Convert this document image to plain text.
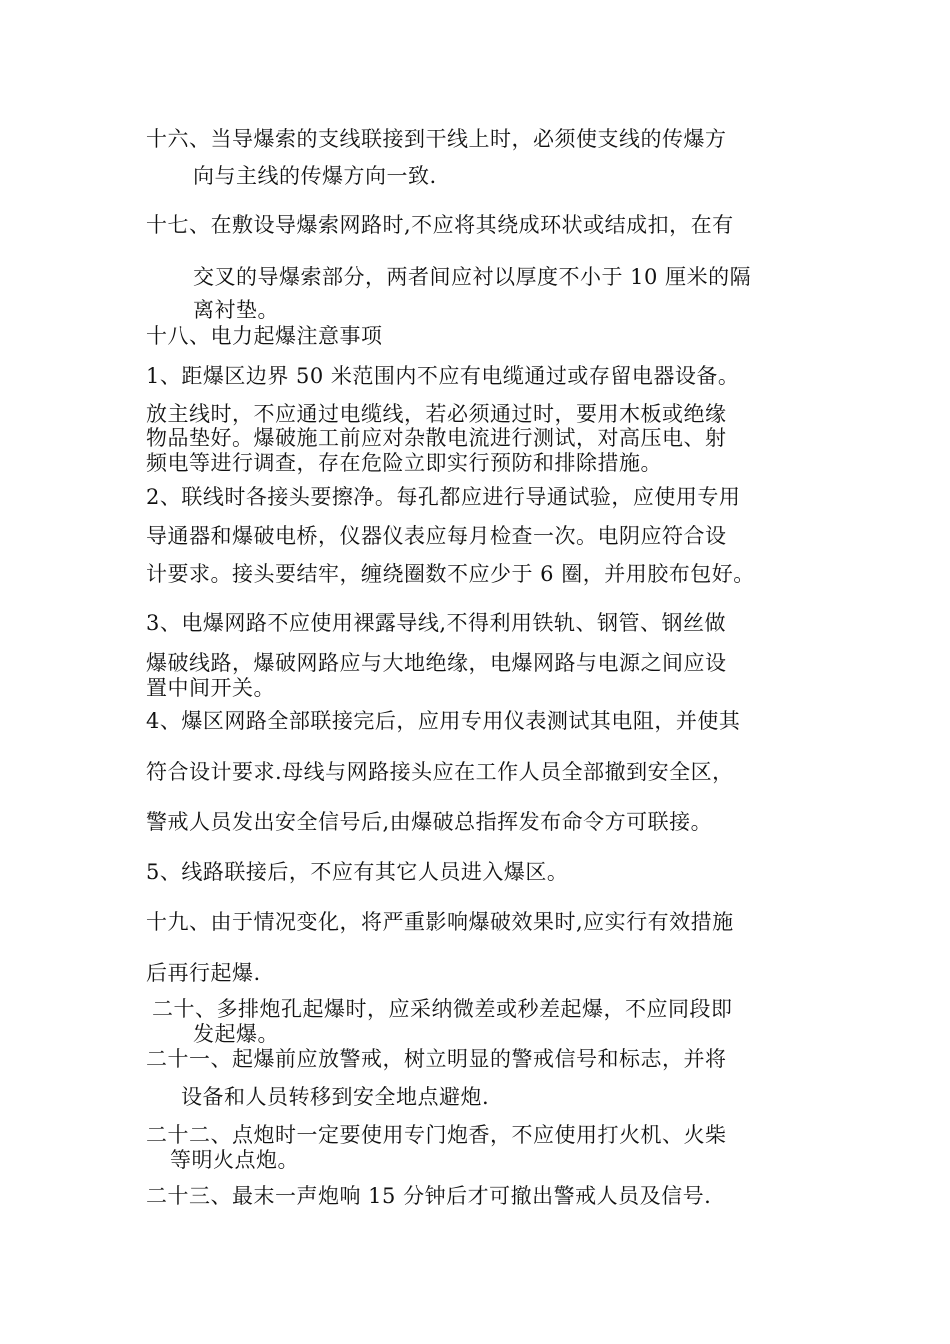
十六、当导爆索的支线联接到干线上时，必须使支线的传爆方
向与主线的传爆方向一致.
十七、在敷设导爆索网路时,不应将其绕成环状或结成扣，在有
交叉的导爆索部分，两者间应衬以厚度不小于 10 厘米的隔
离衬垫。
十八、电力起爆注意事项
1、距爆区边界 50 米范围内不应有电缆通过或存留电器设备。
放主线时，不应通过电缆线，若必须通过时，要用木板或绝缘
物品垫好。爆破施工前应对杂散电流进行测试，对高压电、射
频电等进行调查，存在危险立即实行预防和排除措施。
2、联线时各接头要擦净。每孔都应进行导通试验，应使用专用
导通器和爆破电桥，仪器仪表应每月检查一次。电阴应符合设
计要求。接头要结牢，缠绕圈数不应少于 6 圈，并用胶布包好。
3、电爆网路不应使用裸露导线,不得利用铁轨、钢管、钢丝做
爆破线路，爆破网路应与大地绝缘，电爆网路与电源之间应设
置中间开关。
4、爆区网路全部联接完后，应用专用仪表测试其电阻，并使其
符合设计要求.母线与网路接头应在工作人员全部撤到安全区，
警戒人员发出安全信号后,由爆破总指挥发布命令方可联接。
5、线路联接后，不应有其它人员进入爆区。
十九、由于情况变化，将严重影响爆破效果时,应实行有效措施
后再行起爆.
二十、多排炮孔起爆时，应采纳微差或秒差起爆，不应同段即
发起爆。
二十一、起爆前应放警戒，树立明显的警戒信号和标志，并将
设备和人员转移到安全地点避炮.
二十二、点炮时一定要使用专门炮香，不应使用打火机、火柴
等明火点炮。
二十三、最末一声炮响 15 分钟后才可撤出警戒人员及信号.
